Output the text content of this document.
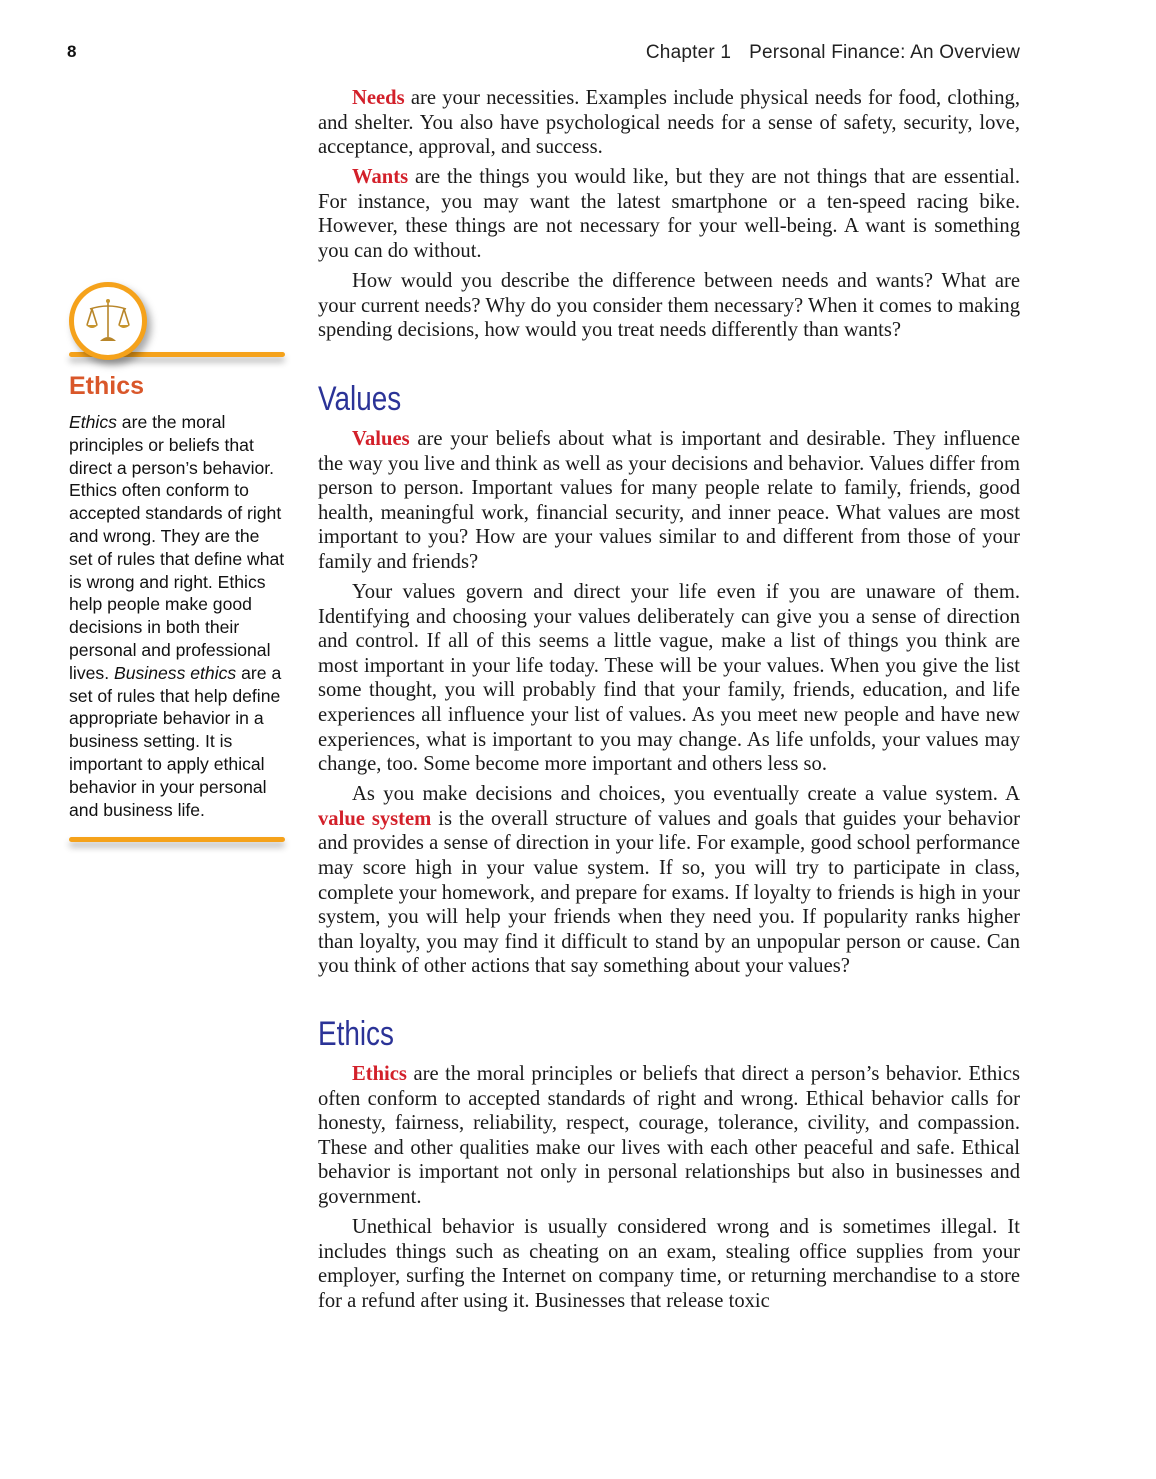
8	Chapter 1 Personal Finance: An Overview
Ethics
Ethics are the moral principles or beliefs that direct a person’s behavior. Ethics often conform to accepted standards of right and wrong. They are the set of rules that define what is wrong and right. Ethics help people make good decisions in both their personal and professional lives. Business ethics are a set of rules that help define appropriate behavior in a business setting. It is important to apply ethical behavior in your personal and business life.

Needs are your necessities. Examples include physical needs for food, clothing, and shelter. You also have psychological needs for a sense of safety, security, love, acceptance, approval, and success.

Wants are the things you would like, but they are not things that are essential. For instance, you may want the latest smartphone or a ten-speed racing bike. However, these things are not necessary for your well-being. A want is something you can do without.

How would you describe the difference between needs and wants? What are your current needs? Why do you consider them necessary? When it comes to making spending decisions, how would you treat needs differently than wants?

Values

Values are your beliefs about what is important and desirable. They influence the way you live and think as well as your decisions and behavior. Values differ from person to person. Important values for many people relate to family, friends, good health, meaningful work, financial security, and inner peace. What values are most important to you? How are your values similar to and different from those of your family and friends?

Your values govern and direct your life even if you are unaware of them. Identifying and choosing your values deliberately can give you a sense of direction and control. If all of this seems a little vague, make a list of things you think are most important in your life today. These will be your values. When you give the list some thought, you will probably find that your family, friends, education, and life experiences all influence your list of values. As you meet new people and have new experiences, what is important to you may change. As life unfolds, your values may change, too. Some become more important and others less so.

As you make decisions and choices, you eventually create a value system. A value system is the overall structure of values and goals that guides your behavior and provides a sense of direction in your life. For example, good school performance may score high in your value system. If so, you will try to participate in class, complete your homework, and prepare for exams. If loyalty to friends is high in your system, you will help your friends when they need you. If popularity ranks higher than loyalty, you may find it difficult to stand by an unpopular person or cause. Can you think of other actions that say something about your values?

Ethics

Ethics are the moral principles or beliefs that direct a person’s behavior. Ethics often conform to accepted standards of right and wrong. Ethical behavior calls for honesty, fairness, reliability, respect, courage, tolerance, civility, and compassion. These and other qualities make our lives with each other peaceful and safe. Ethical behavior is important not only in personal relationships but also in businesses and government.

Unethical behavior is usually considered wrong and is sometimes illegal. It includes things such as cheating on an exam, stealing office supplies from your employer, surfing the Internet on company time, or returning merchandise to a store for a refund after using it. Businesses that release toxic
